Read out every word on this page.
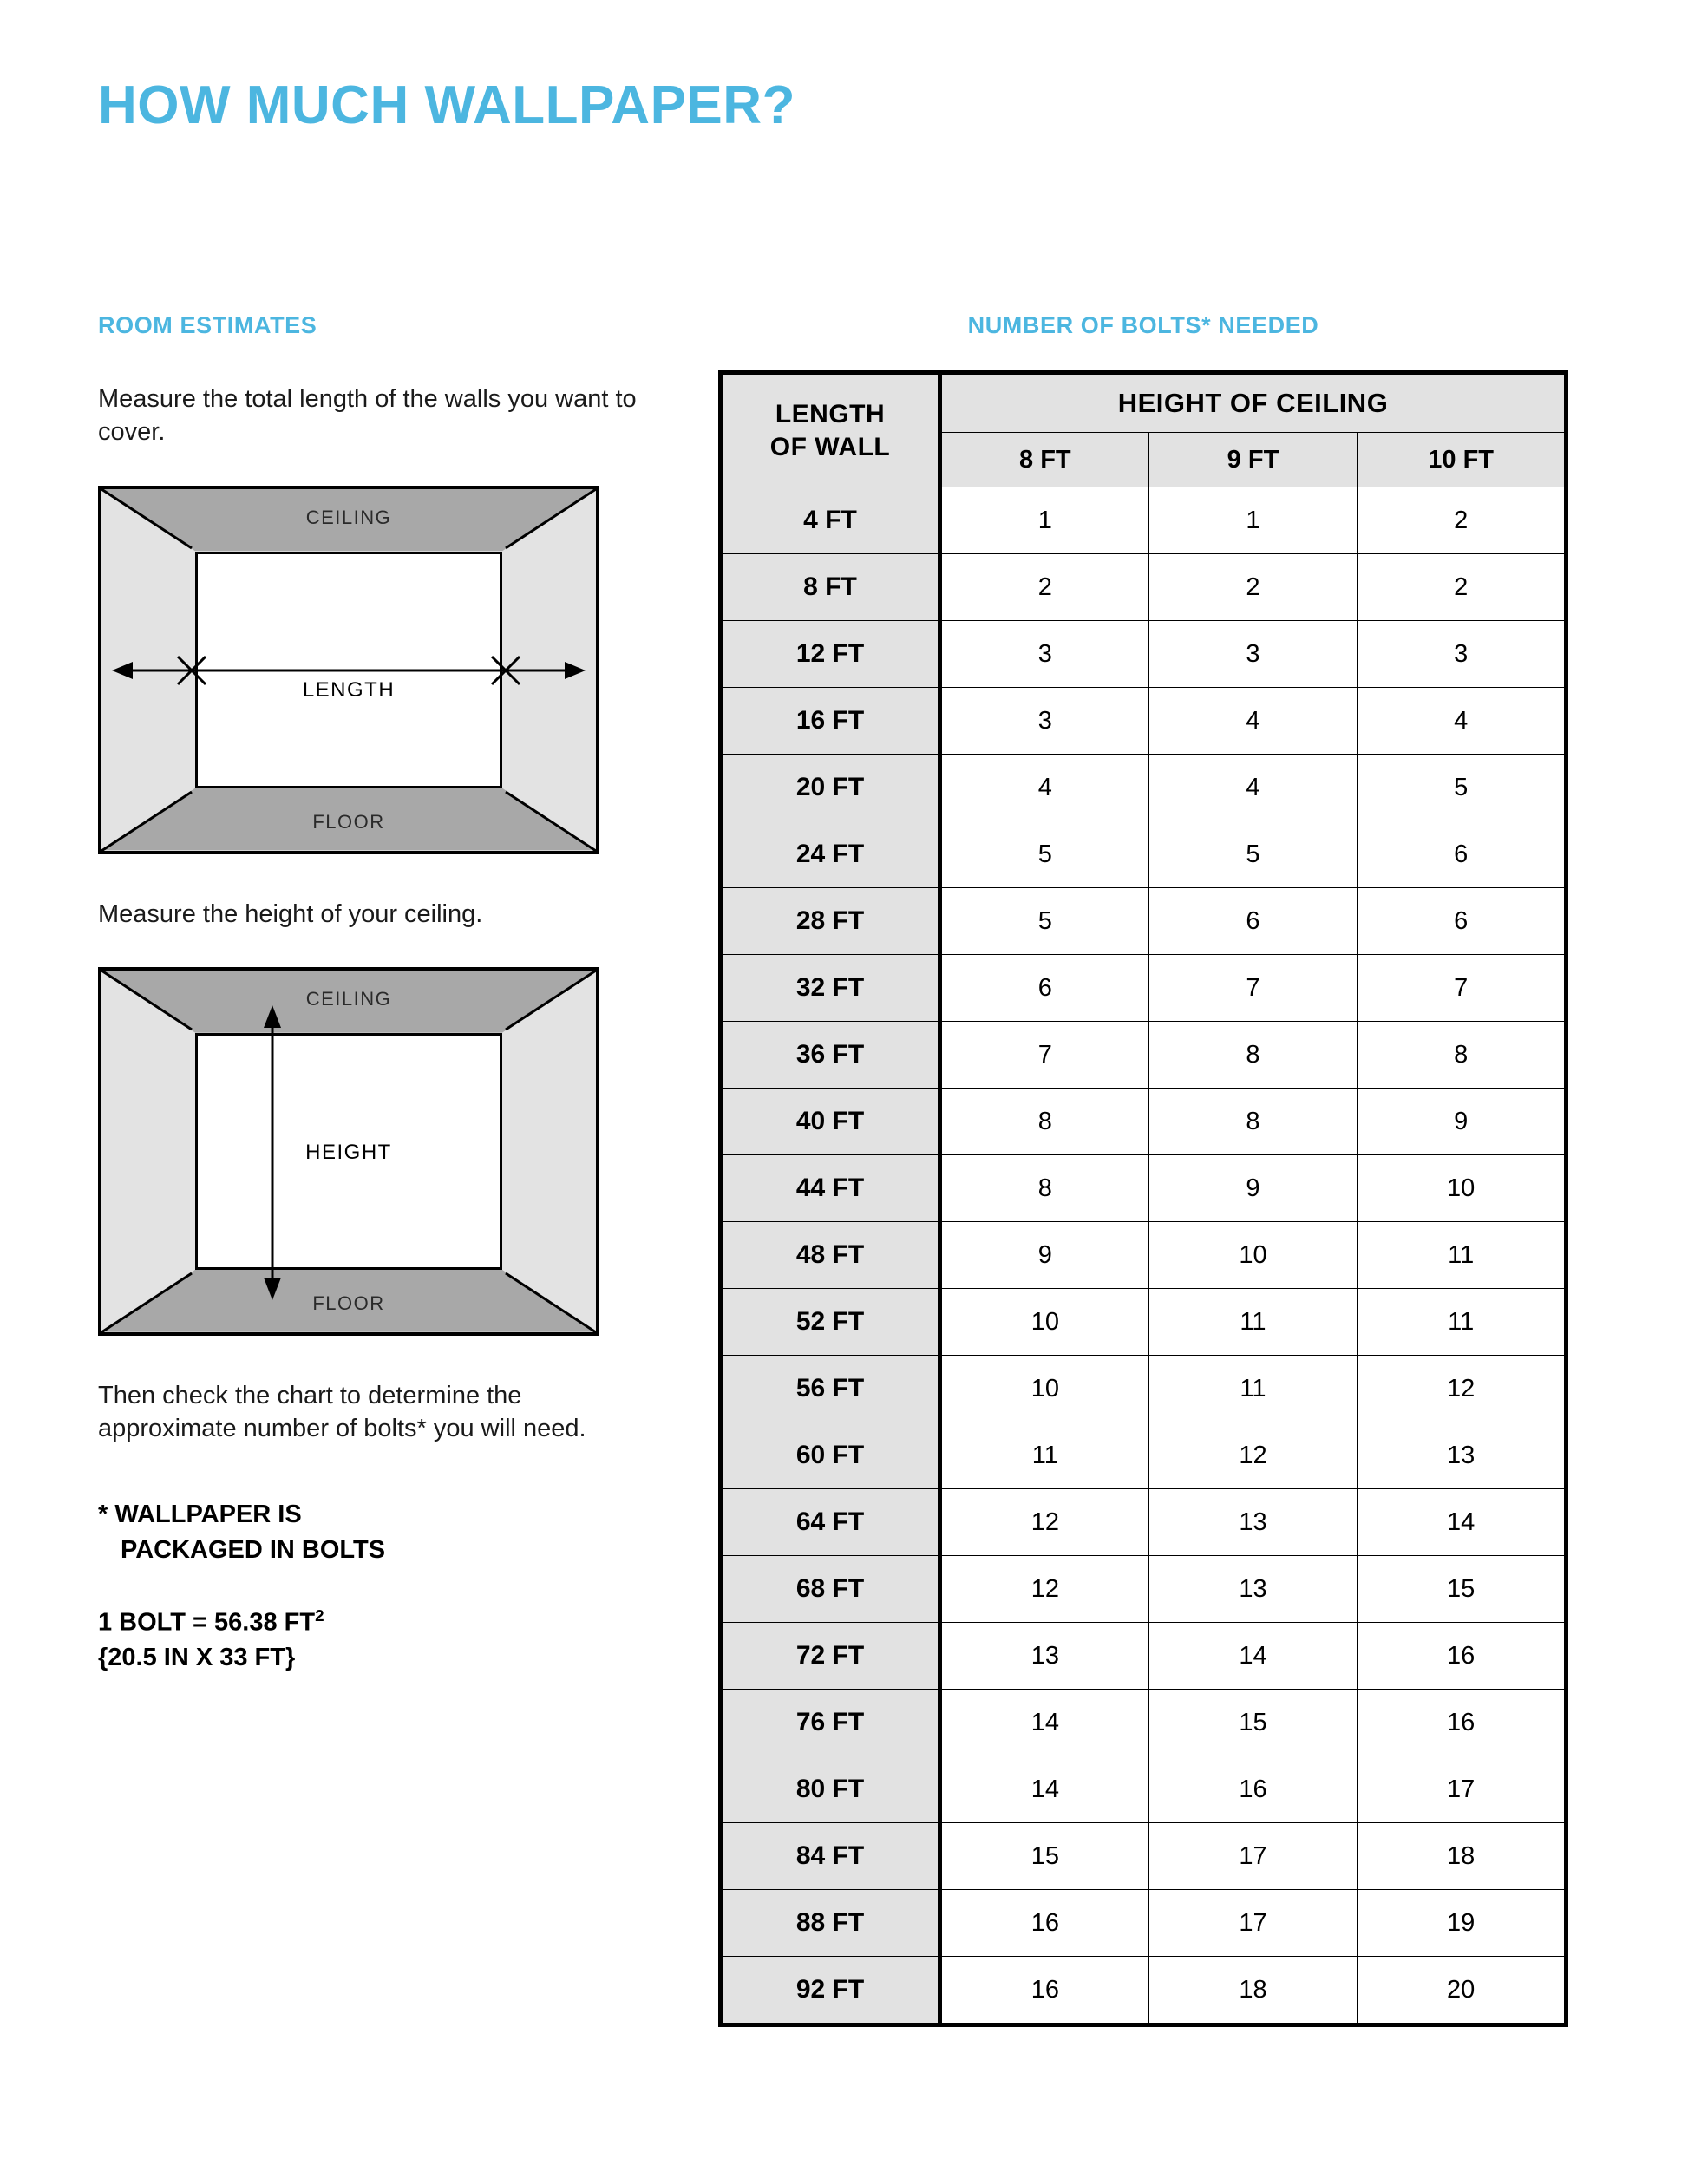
HOW MUCH WALLPAPER?
ROOM ESTIMATES
Measure the total length of the walls you want to cover.
CEILING
FLOOR
LENGTH
Measure the height of your ceiling.
CEILING
FLOOR
HEIGHT
Then check the chart to determine the approximate number of bolts* you will need.
* WALLPAPER IS
PACKAGED IN BOLTS
1 BOLT = 56.38 $FT^2$
{20.5 IN X 33 FT}
NUMBER OF BOLTS* NEEDED
LENGTH
OF WALL	HEIGHT OF CEILING		
	8 FT	9 FT	10 FT
4 FT	1	1	2
8 FT	2	2	2
12 FT	3	3	3
16 FT	3	4	4
20 FT	4	4	5
24 FT	5	5	6
28 FT	5	6	6
32 FT	6	7	7
36 FT	7	8	8
40 FT	8	8	9
44 FT	8	9	10
48 FT	9	10	11
52 FT	10	11	11
56 FT	10	11	12
60 FT	11	12	13
64 FT	12	13	14
68 FT	12	13	15
72 FT	13	14	16
76 FT	14	15	16
80 FT	14	16	17
84 FT	15	17	18
88 FT	16	17	19
92 FT	16	18	20
